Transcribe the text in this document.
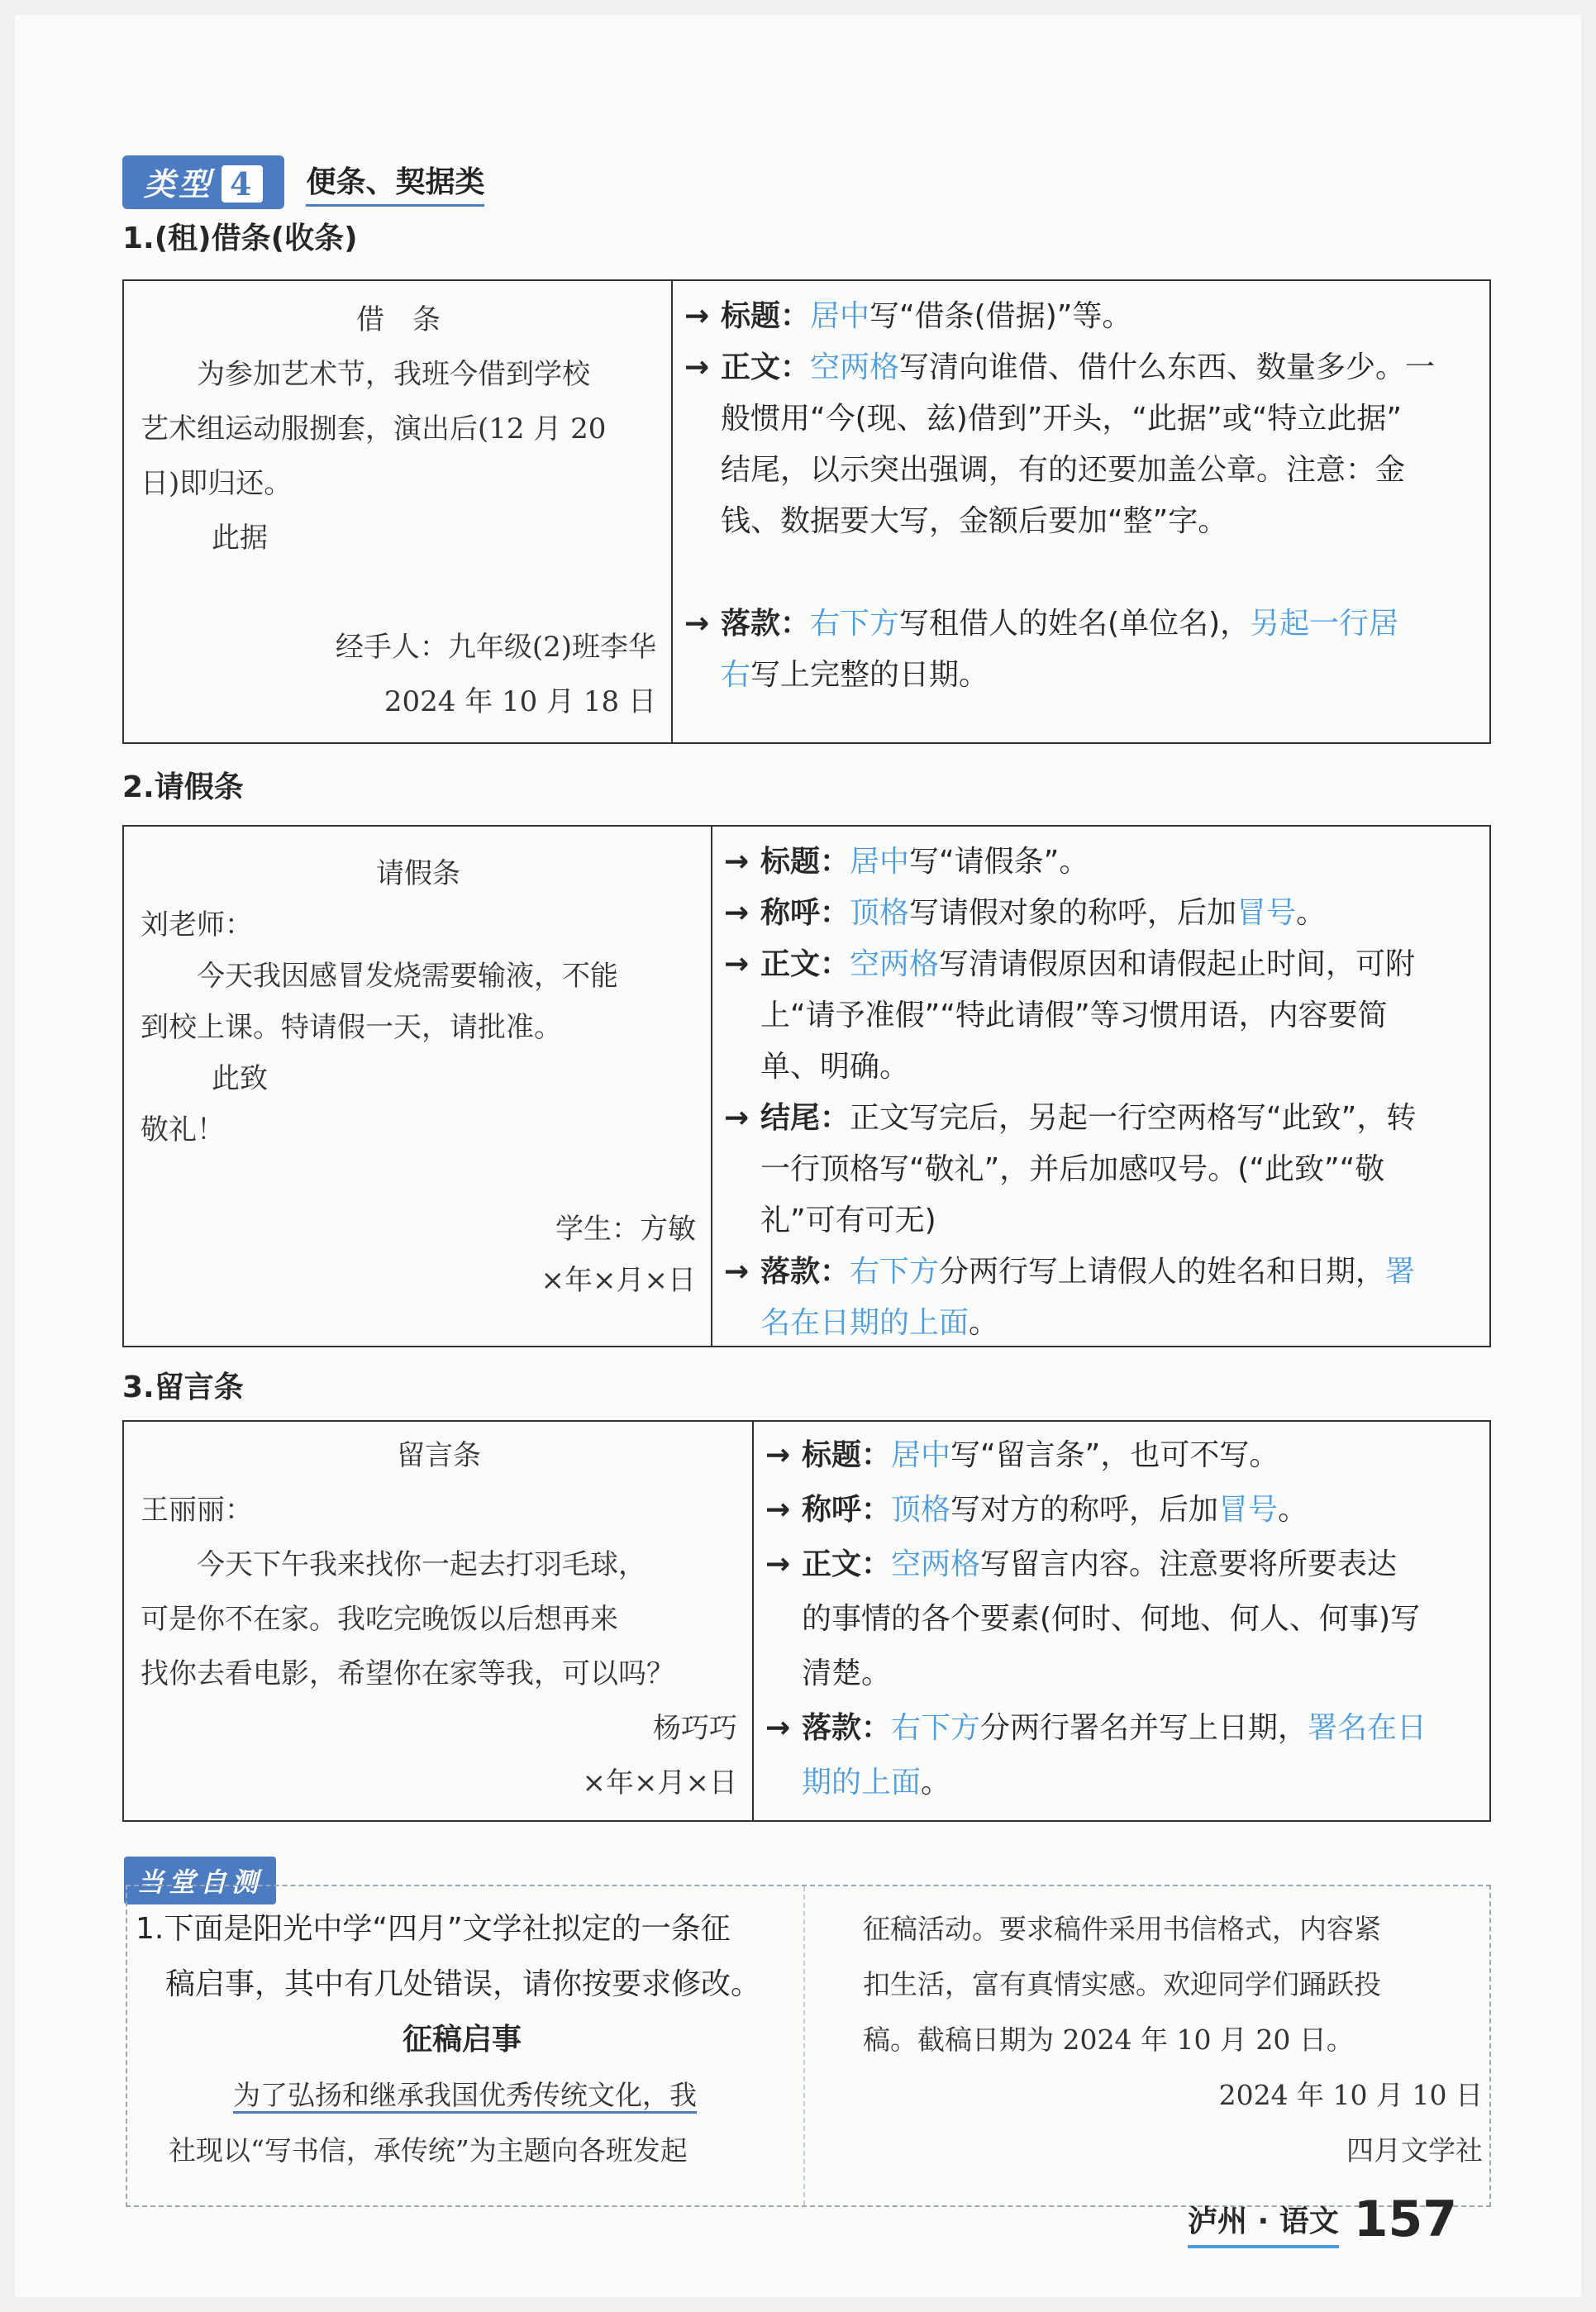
类型 4	便条、契据类
1.(租)借条(收条)
借　条
为参加艺术节，我班今借到学校
艺术组运动服捌套，演出后(12 月 20
日)即归还。
此据
经手人：九年级(2)班李华
2024 年 10 月 18 日
→ 标题：居中写“借条(借据)”等。
→ 正文：空两格写清向谁借、借什么东西、数量多少。一
般惯用“今(现、兹)借到”开头，“此据”或“特立此据”
结尾，以示突出强调，有的还要加盖公章。注意：金
钱、数据要大写，金额后要加“整”字。
→ 落款：右下方写租借人的姓名(单位名)，另起一行居
右写上完整的日期。
2.请假条
请假条
刘老师：
今天我因感冒发烧需要输液，不能
到校上课。特请假一天，请批准。
此致
敬礼！
学生：方敏
×年×月×日
→ 标题：居中写“请假条”。
→ 称呼：顶格写请假对象的称呼，后加冒号。
→ 正文：空两格写清请假原因和请假起止时间，可附
上“请予准假”“特此请假”等习惯用语，内容要简
单、明确。
→ 结尾：正文写完后，另起一行空两格写“此致”，转
一行顶格写“敬礼”，并后加感叹号。(“此致”“敬
礼”可有可无)
→ 落款：右下方分两行写上请假人的姓名和日期，署
名在日期的上面。
3.留言条
留言条
王丽丽：
今天下午我来找你一起去打羽毛球，
可是你不在家。我吃完晚饭以后想再来
找你去看电影，希望你在家等我，可以吗？
杨巧巧
×年×月×日
→ 标题：居中写“留言条”，也可不写。
→ 称呼：顶格写对方的称呼，后加冒号。
→ 正文：空两格写留言内容。注意要将所要表达
的事情的各个要素(何时、何地、何人、何事)写
清楚。
→ 落款：右下方分两行署名并写上日期，署名在日
期的上面。
当堂自测
1.下面是阳光中学“四月”文学社拟定的一条征
稿启事，其中有几处错误，请你按要求修改。
征稿启事
为了弘扬和继承我国优秀传统文化，我
社现以“写书信，承传统”为主题向各班发起
征稿活动。要求稿件采用书信格式，内容紧
扣生活，富有真情实感。欢迎同学们踊跃投
稿。截稿日期为 2024 年 10 月 20 日。
2024 年 10 月 10 日
四月文学社
泸州 · 语文 157
